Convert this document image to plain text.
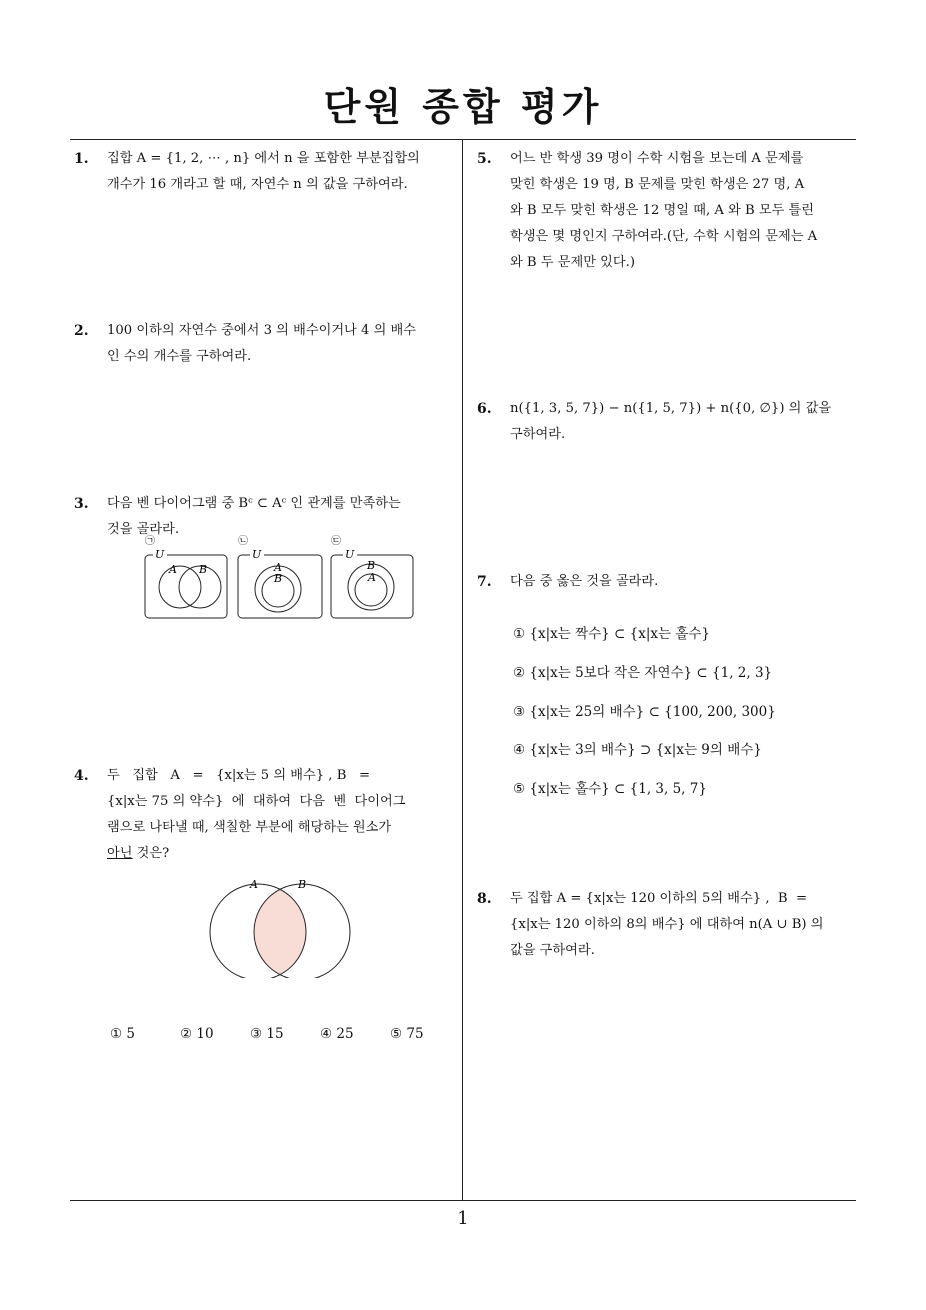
단원 종합 평가
1. 집합 A = {1, 2, ⋯ , n} 에서 n 을 포함한 부분집합의
개수가 16 개라고 할 때, 자연수 n 의 값을 구하여라.
2. 100 이하의 자연수 중에서 3 의 배수이거나 4 의 배수
인 수의 개수를 구하여라.
3. 다음 벤 다이어그램 중 Bᶜ ⊂ Aᶜ 인 관계를 만족하는
것을 골라라.
㉠
U
A B
㉡
U
A
B
㉢
U
B
A
4. 두   집합   A   =   {x|x는 5 의 배수} , B   =
{x|x는 75 의 약수}  에  대하여  다음  벤  다이어그
램으로 나타낼 때, 색칠한 부분에 해당하는 원소가
아닌 것은?
A	B
① 5	② 10	③ 15	④ 25	⑤ 75
5. 어느 반 학생 39 명이 수학 시험을 보는데 A 문제를
맞힌 학생은 19 명, B 문제를 맞힌 학생은 27 명, A
와 B 모두 맞힌 학생은 12 명일 때, A 와 B 모두 틀린
학생은 몇 명인지 구하여라.(단, 수학 시험의 문제는 A
와 B 두 문제만 있다.)
6. n({1, 3, 5, 7}) − n({1, 5, 7}) + n({0, ∅}) 의 값을
구하여라.
7. 다음 중 옳은 것을 골라라.
① {x|x는 짝수} ⊂ {x|x는 홀수}
② {x|x는 5보다 작은 자연수} ⊂ {1, 2, 3}
③ {x|x는 25의 배수} ⊂ {100, 200, 300}
④ {x|x는 3의 배수} ⊃ {x|x는 9의 배수}
⑤ {x|x는 홀수} ⊂ {1, 3, 5, 7}
8. 두 집합 A = {x|x는 120 이하의 5의 배수} ,  B  =
{x|x는 120 이하의 8의 배수} 에 대하여 n(A ∪ B) 의
값을 구하여라.
1
